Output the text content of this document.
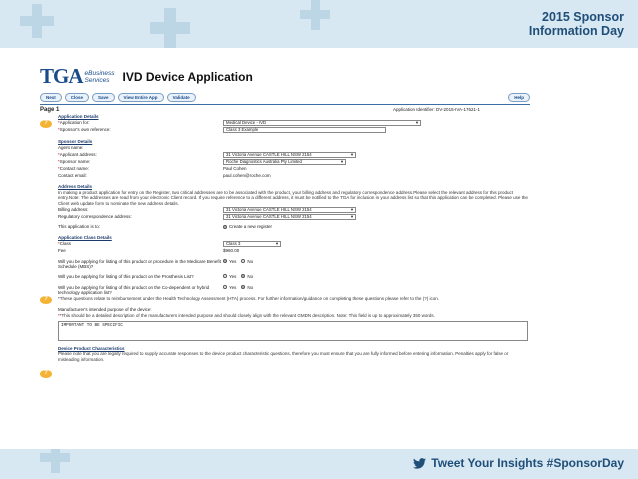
2015 Sponsor
Information Day
TGA eBusiness
Services	IVD Device Application
Next	Close	Save	View Entire App	Validate	Help
Page 1	Application Identifier: DV-2015-IVA-17621-1
?
Application Details
*Application for:	Medical Device - IVD	▾
*Sponsor's own reference:	Class 3 Example
Sponsor Details
Agent name:
*Applicant address:	31 Victoria Avenue CASTLE HILL NSW 2154	▾
*Sponsor name:	Roche Diagnostics Australia Pty Limited	▾
*Contact name:	Paul Cohen
Contact email:	paul.cohen@roche.com
Address Details
In making a product application for entry on the Register, two critical addresses are to be associated with the product, your billing address and regulatory correspondence address.Please select the relevant address for this product entry.Note: The addresses are read from your electronic Client record. If you require reference to a different address, it must be notified to the TGA for inclusion in your address list so that this application can be completed. Please use the Client web update form to nominate the new address details.
Billing address:	31 Victoria Avenue CASTLE HILL NSW 2154	▾
Regulatory correspondence address:	31 Victoria Avenue CASTLE HILL NSW 2154	▾
This application is to:	Create a new register
Application Class Details
*Class	Class 3	▾
Fee	$960.00
?
Will you be applying for listing of this product or procedure in the Medicare Benefit Schedule (MBS)?
Yes No
Will you be applying for listing of this product on the Prosthesis List?	Yes No
Will you be applying for listing of this product on the Co-dependent or hybrid technology application list?
Yes No
*These questions relate to reimbursement under the Health Technology Assessment (HTA) process. For further information/guidance on completing these questions please refer to the (?) icon.
?
Manufacturer's intended purpose of the device:
**This should be a detailed description of the manufacturers intended purpose and should closely align with the relevant GMDN description. Note: This field is up to approximately 350 words.
IMPORTANT TO BE SPECIFIC
Device Product Characteristics
Please note that you are legally required to supply accurate responses to the device product characteristic questions, therefore you must ensure that you are fully informed before entering information. Penalties apply for false or misleading information.
Tweet Your Insights #SponsorDay
